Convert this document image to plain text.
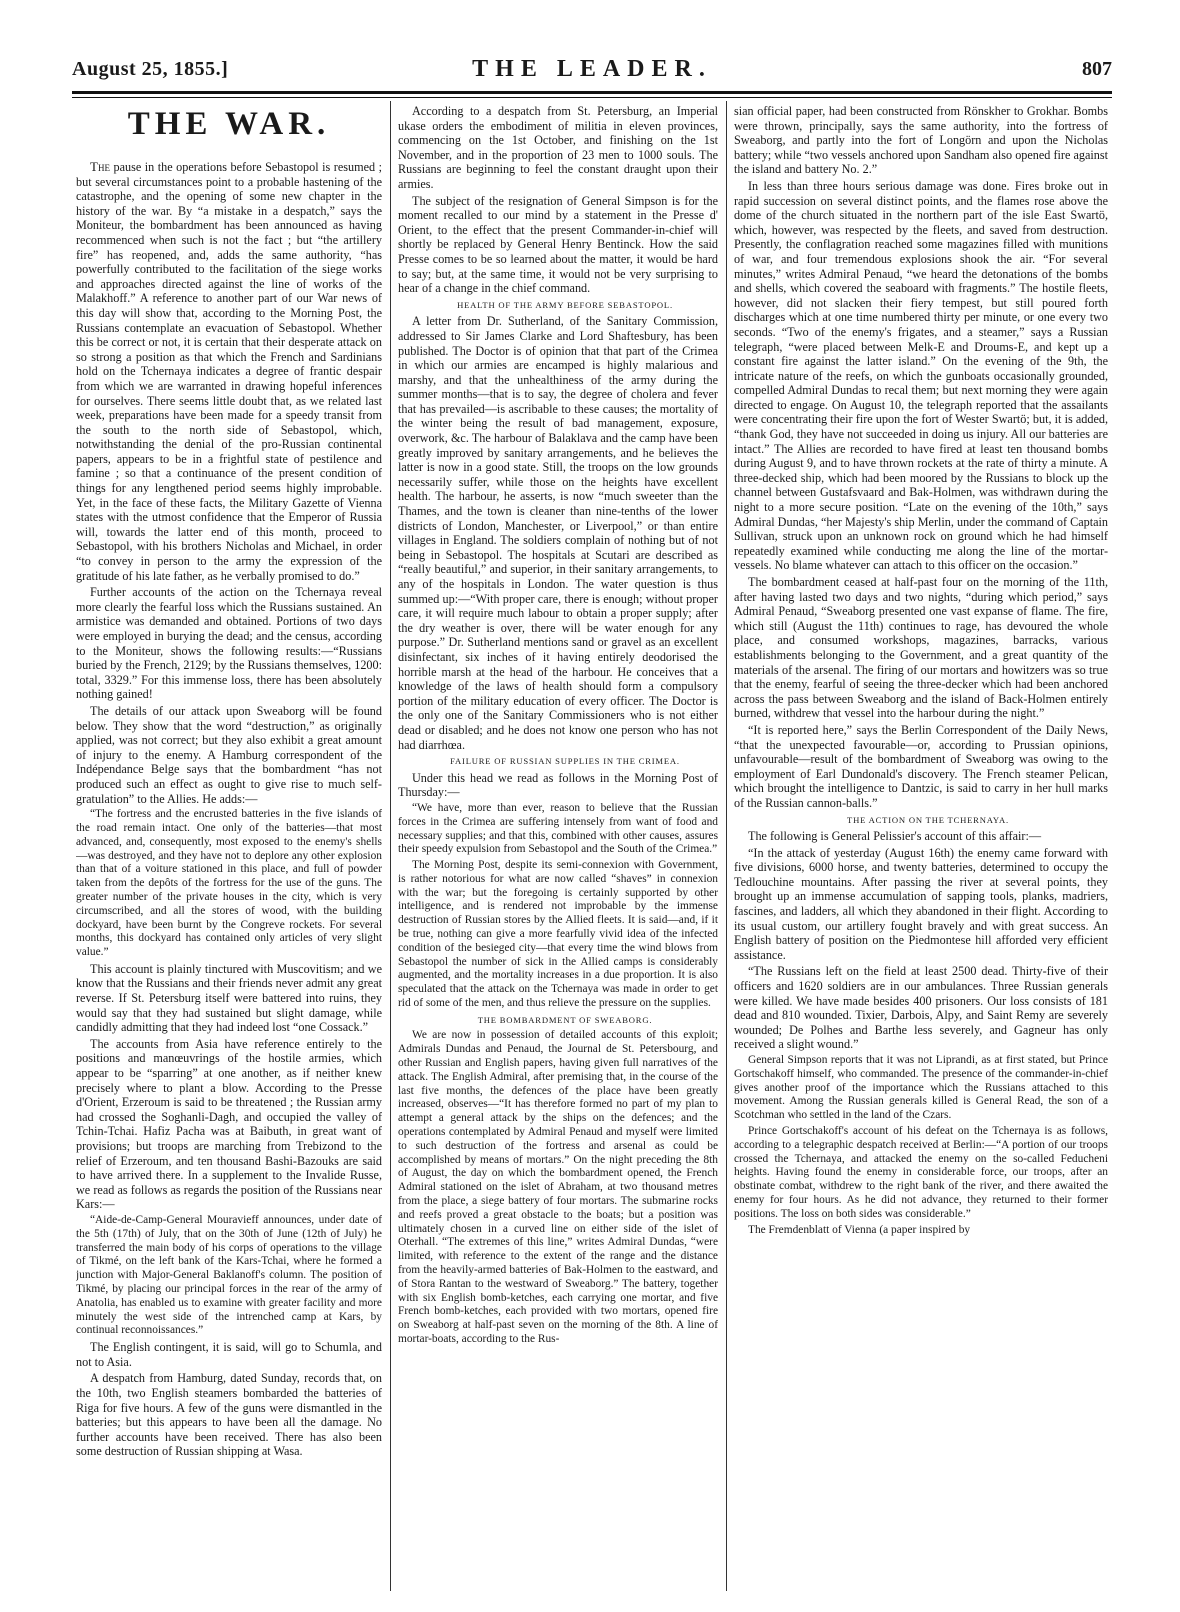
August 25, 1855.]	THE LEADER.	807
THE WAR.

The pause in the operations before Sebastopol is resumed ; but several circumstances point to a probable hastening of the catastrophe, and the opening of some new chapter in the history of the war. By “a mistake in a despatch,” says the Moniteur, the bombardment has been announced as having recommenced when such is not the fact ; but “the artillery fire” has reopened, and, adds the same authority, “has powerfully contributed to the facilitation of the siege works and approaches directed against the line of works of the Malakhoff.” A reference to another part of our War news of this day will show that, according to the Morning Post, the Russians contemplate an evacuation of Sebastopol. Whether this be correct or not, it is certain that their desperate attack on so strong a position as that which the French and Sardinians hold on the Tchernaya indicates a degree of frantic despair from which we are warranted in drawing hopeful inferences for ourselves. There seems little doubt that, as we related last week, preparations have been made for a speedy transit from the south to the north side of Sebastopol, which, notwithstanding the denial of the pro-Russian continental papers, appears to be in a frightful state of pestilence and famine ; so that a continuance of the present condition of things for any lengthened period seems highly improbable. Yet, in the face of these facts, the Military Gazette of Vienna states with the utmost confidence that the Emperor of Russia will, towards the latter end of this month, proceed to Sebastopol, with his brothers Nicholas and Michael, in order “to convey in person to the army the expression of the gratitude of his late father, as he verbally promised to do.”

Further accounts of the action on the Tchernaya reveal more clearly the fearful loss which the Russians sustained. An armistice was demanded and obtained. Portions of two days were employed in burying the dead; and the census, according to the Moniteur, shows the following results:—“Russians buried by the French, 2129; by the Russians themselves, 1200: total, 3329.” For this immense loss, there has been absolutely nothing gained!

The details of our attack upon Sweaborg will be found below. They show that the word “destruction,” as originally applied, was not correct; but they also exhibit a great amount of injury to the enemy. A Hamburg correspondent of the Indépendance Belge says that the bombardment “has not produced such an effect as ought to give rise to much self-gratulation” to the Allies. He adds:—

“The fortress and the encrusted batteries in the five islands of the road remain intact. One only of the batteries—that most advanced, and, consequently, most exposed to the enemy's shells—was destroyed, and they have not to deplore any other explosion than that of a voiture stationed in this place, and full of powder taken from the depôts of the fortress for the use of the guns. The greater number of the private houses in the city, which is very circumscribed, and all the stores of wood, with the building dockyard, have been burnt by the Congreve rockets. For several months, this dockyard has contained only articles of very slight value.”

This account is plainly tinctured with Muscovitism; and we know that the Russians and their friends never admit any great reverse. If St. Petersburg itself were battered into ruins, they would say that they had sustained but slight damage, while candidly admitting that they had indeed lost “one Cossack.”

The accounts from Asia have reference entirely to the positions and manœuvrings of the hostile armies, which appear to be “sparring” at one another, as if neither knew precisely where to plant a blow. According to the Presse d'Orient, Erzeroum is said to be threatened ; the Russian army had crossed the Soghanli-Dagh, and occupied the valley of Tchin-Tchai. Hafiz Pacha was at Baibuth, in great want of provisions; but troops are marching from Trebizond to the relief of Erzeroum, and ten thousand Bashi-Bazouks are said to have arrived there. In a supplement to the Invalide Russe, we read as follows as regards the position of the Russians near Kars:—

“Aide-de-Camp-General Mouravieff announces, under date of the 5th (17th) of July, that on the 30th of June (12th of July) he transferred the main body of his corps of operations to the village of Tikmé, on the left bank of the Kars-Tchai, where he formed a junction with Major-General Baklanoff's column. The position of Tikmé, by placing our principal forces in the rear of the army of Anatolia, has enabled us to examine with greater facility and more minutely the west side of the intrenched camp at Kars, by continual reconnoissances.”

The English contingent, it is said, will go to Schumla, and not to Asia.

A despatch from Hamburg, dated Sunday, records that, on the 10th, two English steamers bombarded the batteries of Riga for five hours. A few of the guns were dismantled in the batteries; but this appears to have been all the damage. No further accounts have been received. There has also been some destruction of Russian shipping at Wasa.

According to a despatch from St. Petersburg, an Imperial ukase orders the embodiment of militia in eleven provinces, commencing on the 1st October, and finishing on the 1st November, and in the proportion of 23 men to 1000 souls. The Russians are beginning to feel the constant draught upon their armies.

The subject of the resignation of General Simpson is for the moment recalled to our mind by a statement in the Presse d' Orient, to the effect that the present Commander-in-chief will shortly be replaced by General Henry Bentinck. How the said Presse comes to be so learned about the matter, it would be hard to say; but, at the same time, it would not be very surprising to hear of a change in the chief command.

HEALTH OF THE ARMY BEFORE SEBASTOPOL.

A letter from Dr. Sutherland, of the Sanitary Commission, addressed to Sir James Clarke and Lord Shaftesbury, has been published. The Doctor is of opinion that that part of the Crimea in which our armies are encamped is highly malarious and marshy, and that the unhealthiness of the army during the summer months—that is to say, the degree of cholera and fever that has prevailed—is ascribable to these causes; the mortality of the winter being the result of bad management, exposure, overwork, &c. The harbour of Balaklava and the camp have been greatly improved by sanitary arrangements, and he believes the latter is now in a good state. Still, the troops on the low grounds necessarily suffer, while those on the heights have excellent health. The harbour, he asserts, is now “much sweeter than the Thames, and the town is cleaner than nine-tenths of the lower districts of London, Manchester, or Liverpool,” or than entire villages in England. The soldiers complain of nothing but of not being in Sebastopol. The hospitals at Scutari are described as “really beautiful,” and superior, in their sanitary arrangements, to any of the hospitals in London. The water question is thus summed up:—“With proper care, there is enough; without proper care, it will require much labour to obtain a proper supply; after the dry weather is over, there will be water enough for any purpose.” Dr. Sutherland mentions sand or gravel as an excellent disinfectant, six inches of it having entirely deodorised the horrible marsh at the head of the harbour. He conceives that a knowledge of the laws of health should form a compulsory portion of the military education of every officer. The Doctor is the only one of the Sanitary Commissioners who is not either dead or disabled; and he does not know one person who has not had diarrhœa.

FAILURE OF RUSSIAN SUPPLIES IN THE CRIMEA.

Under this head we read as follows in the Morning Post of Thursday:—

“We have, more than ever, reason to believe that the Russian forces in the Crimea are suffering intensely from want of food and necessary supplies; and that this, combined with other causes, assures their speedy expulsion from Sebastopol and the South of the Crimea.”

The Morning Post, despite its semi-connexion with Government, is rather notorious for what are now called “shaves” in connexion with the war; but the foregoing is certainly supported by other intelligence, and is rendered not improbable by the immense destruction of Russian stores by the Allied fleets. It is said—and, if it be true, nothing can give a more fearfully vivid idea of the infected condition of the besieged city—that every time the wind blows from Sebastopol the number of sick in the Allied camps is considerably augmented, and the mortality increases in a due proportion. It is also speculated that the attack on the Tchernaya was made in order to get rid of some of the men, and thus relieve the pressure on the supplies.

THE BOMBARDMENT OF SWEABORG.

We are now in possession of detailed accounts of this exploit; Admirals Dundas and Penaud, the Journal de St. Petersbourg, and other Russian and English papers, having given full narratives of the attack. The English Admiral, after premising that, in the course of the last five months, the defences of the place have been greatly increased, observes—“It has therefore formed no part of my plan to attempt a general attack by the ships on the defences; and the operations contemplated by Admiral Penaud and myself were limited to such destruction of the fortress and arsenal as could be accomplished by means of mortars.” On the night preceding the 8th of August, the day on which the bombardment opened, the French Admiral stationed on the islet of Abraham, at two thousand metres from the place, a siege battery of four mortars. The submarine rocks and reefs proved a great obstacle to the boats; but a position was ultimately chosen in a curved line on either side of the islet of Oterhall. “The extremes of this line,” writes Admiral Dundas, “were limited, with reference to the extent of the range and the distance from the heavily-armed batteries of Bak-Holmen to the eastward, and of Stora Rantan to the westward of Sweaborg.” The battery, together with six English bomb-ketches, each carrying one mortar, and five French bomb-ketches, each provided with two mortars, opened fire on Sweaborg at half-past seven on the morning of the 8th. A line of mortar-boats, according to the Rus-

sian official paper, had been constructed from Rönskher to Grokhar. Bombs were thrown, principally, says the same authority, into the fortress of Sweaborg, and partly into the fort of Longörn and upon the Nicholas battery; while “two vessels anchored upon Sandham also opened fire against the island and battery No. 2.”

In less than three hours serious damage was done. Fires broke out in rapid succession on several distinct points, and the flames rose above the dome of the church situated in the northern part of the isle East Swartö, which, however, was respected by the fleets, and saved from destruction. Presently, the conflagration reached some magazines filled with munitions of war, and four tremendous explosions shook the air. “For several minutes,” writes Admiral Penaud, “we heard the detonations of the bombs and shells, which covered the seaboard with fragments.” The hostile fleets, however, did not slacken their fiery tempest, but still poured forth discharges which at one time numbered thirty per minute, or one every two seconds. “Two of the enemy's frigates, and a steamer,” says a Russian telegraph, “were placed between Melk-E and Droums-E, and kept up a constant fire against the latter island.” On the evening of the 9th, the intricate nature of the reefs, on which the gunboats occasionally grounded, compelled Admiral Dundas to recal them; but next morning they were again directed to engage. On August 10, the telegraph reported that the assailants were concentrating their fire upon the fort of Wester Swartö; but, it is added, “thank God, they have not succeeded in doing us injury. All our batteries are intact.” The Allies are recorded to have fired at least ten thousand bombs during August 9, and to have thrown rockets at the rate of thirty a minute. A three-decked ship, which had been moored by the Russians to block up the channel between Gustafsvaard and Bak-Holmen, was withdrawn during the night to a more secure position. “Late on the evening of the 10th,” says Admiral Dundas, “her Majesty's ship Merlin, under the command of Captain Sullivan, struck upon an unknown rock on ground which he had himself repeatedly examined while conducting me along the line of the mortar-vessels. No blame whatever can attach to this officer on the occasion.”

The bombardment ceased at half-past four on the morning of the 11th, after having lasted two days and two nights, “during which period,” says Admiral Penaud, “Sweaborg presented one vast expanse of flame. The fire, which still (August the 11th) continues to rage, has devoured the whole place, and consumed workshops, magazines, barracks, various establishments belonging to the Government, and a great quantity of the materials of the arsenal. The firing of our mortars and howitzers was so true that the enemy, fearful of seeing the three-decker which had been anchored across the pass between Sweaborg and the island of Back-Holmen entirely burned, withdrew that vessel into the harbour during the night.”

“It is reported here,” says the Berlin Correspondent of the Daily News, “that the unexpected favourable—or, according to Prussian opinions, unfavourable—result of the bombardment of Sweaborg was owing to the employment of Earl Dundonald's discovery. The French steamer Pelican, which brought the intelligence to Dantzic, is said to carry in her hull marks of the Russian cannon-balls.”

THE ACTION ON THE TCHERNAYA.

The following is General Pelissier's account of this affair:—

“In the attack of yesterday (August 16th) the enemy came forward with five divisions, 6000 horse, and twenty batteries, determined to occupy the Tedlouchine mountains. After passing the river at several points, they brought up an immense accumulation of sapping tools, planks, madriers, fascines, and ladders, all which they abandoned in their flight. According to its usual custom, our artillery fought bravely and with great success. An English battery of position on the Piedmontese hill afforded very efficient assistance.

“The Russians left on the field at least 2500 dead. Thirty-five of their officers and 1620 soldiers are in our ambulances. Three Russian generals were killed. We have made besides 400 prisoners. Our loss consists of 181 dead and 810 wounded. Tixier, Darbois, Alpy, and Saint Remy are severely wounded; De Polhes and Barthe less severely, and Gagneur has only received a slight wound.”

General Simpson reports that it was not Liprandi, as at first stated, but Prince Gortschakoff himself, who commanded. The presence of the commander-in-chief gives another proof of the importance which the Russians attached to this movement. Among the Russian generals killed is General Read, the son of a Scotchman who settled in the land of the Czars.

Prince Gortschakoff's account of his defeat on the Tchernaya is as follows, according to a telegraphic despatch received at Berlin:—“A portion of our troops crossed the Tchernaya, and attacked the enemy on the so-called Feducheni heights. Having found the enemy in considerable force, our troops, after an obstinate combat, withdrew to the right bank of the river, and there awaited the enemy for four hours. As he did not advance, they returned to their former positions. The loss on both sides was considerable.”

The Fremdenblatt of Vienna (a paper inspired by
